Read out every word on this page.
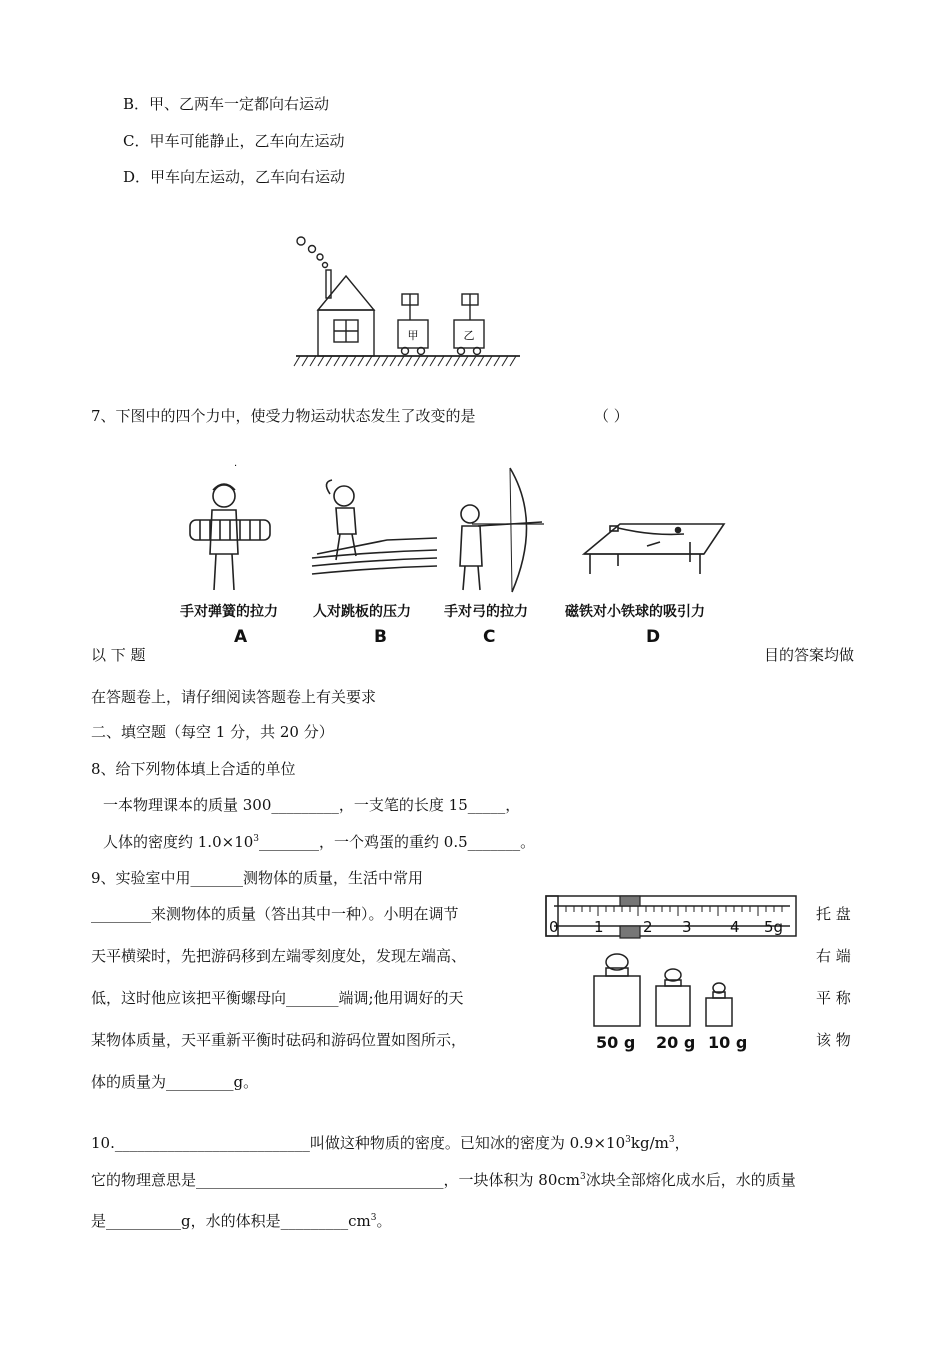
B．甲、乙两车一定都向右运动
C．甲车可能静止，乙车向左运动
D．甲车向左运动，乙车向右运动
甲	乙
7、下图中的四个力中，使受力物运动状态发生了改变的是	（ ）
.
手对弹簧的拉力	人对跳板的压力 手对弓的拉力	磁铁对小铁球的吸引力
A	B	C	D
以 下 题	目的答案均做
在答题卷上，请仔细阅读答题卷上有关要求
二、填空题（每空 1 分，共 20 分）
8、给下列物体填上合适的单位
一本物理课本的质量 300_________，一支笔的长度 15_____，
人体的密度约 $1.0\times 10^3\_\_\_\_\_\_\_\_$，一个鸡蛋的重约 0.5_______。
9、实验室中用_______测物体的质量，生活中常用
________来测物体的质量（答出其中一种）。小明在调节	托 盘
天平横梁时，先把游码移到左端零刻度处，发现左端高、	右 端
低，这时他应该把平衡螺母向_______端调;他用调好的天	平 称
某物体质量，天平重新平衡时砝码和游码位置如图所示，	该 物
体的质量为_________g。
0 1	2 3	4 5g
50 g 20 g 10 g
10.__________________________叫做这种物质的密度。已知冰的密度为 $0.9\times 10^3kg/m^3$，
它的物理意思是_________________________________，一块体积为 $80cm^3$冰块全部熔化成水后，水的质量
是__________g，水的体积是$\_\_\_\_\_\_\_\_\_cm^3$。
